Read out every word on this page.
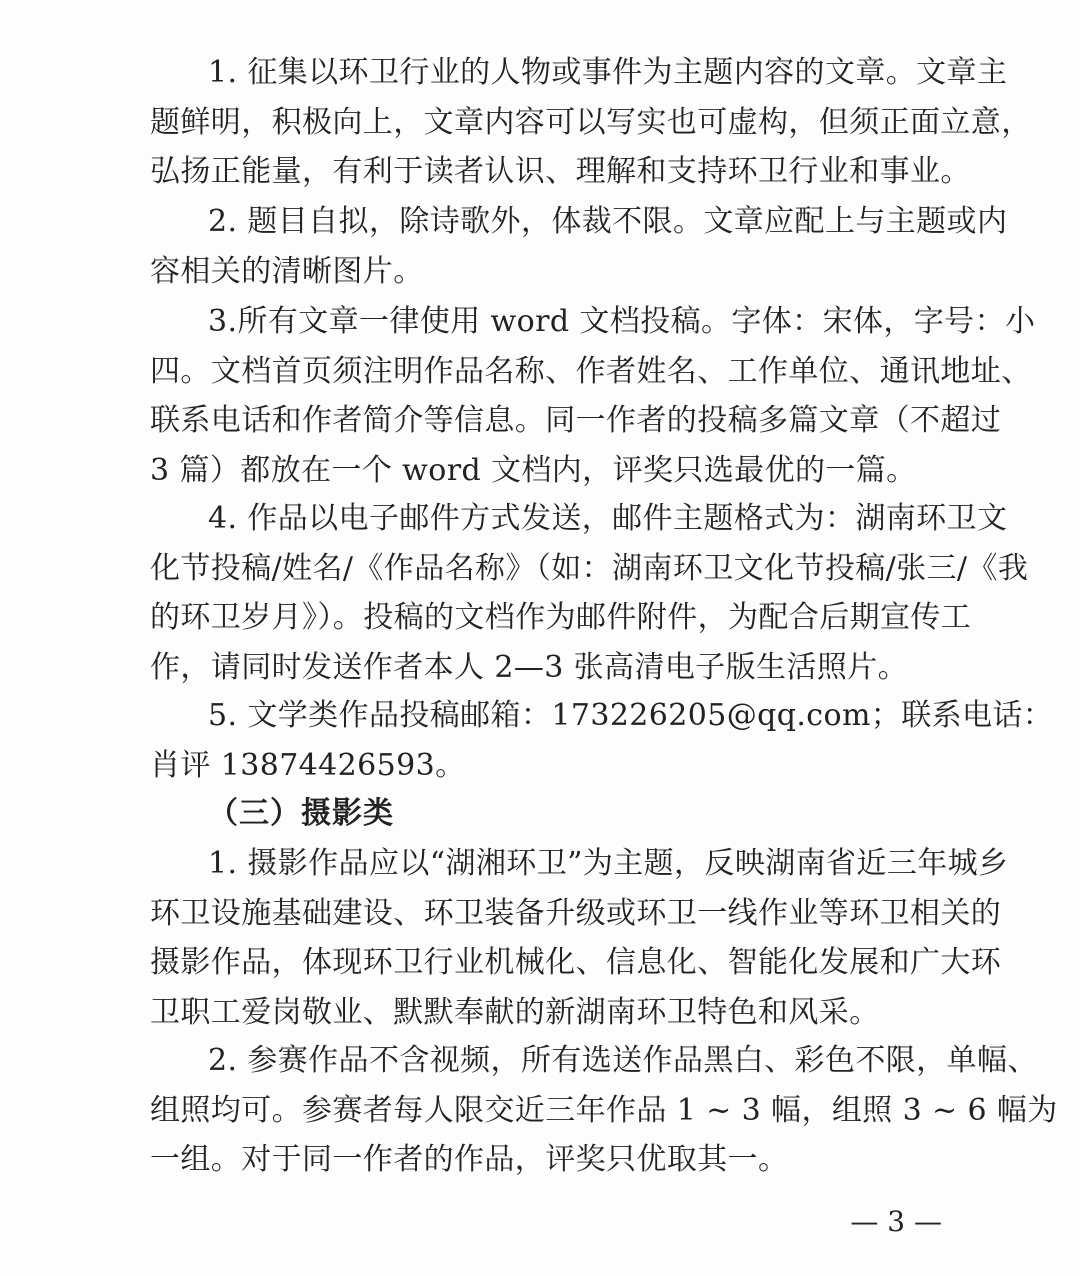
1. 征集以环卫行业的人物或事件为主题内容的文章。文章主
题鲜明，积极向上，文章内容可以写实也可虚构，但须正面立意，
弘扬正能量，有利于读者认识、理解和支持环卫行业和事业。

2. 题目自拟，除诗歌外，体裁不限。文章应配上与主题或内
容相关的清晰图片。

3.所有文章一律使用 word 文档投稿。字体：宋体，字号：小
四。文档首页须注明作品名称、作者姓名、工作单位、通讯地址、
联系电话和作者简介等信息。同一作者的投稿多篇文章（不超过
3 篇）都放在一个 word 文档内，评奖只选最优的一篇。

4. 作品以电子邮件方式发送，邮件主题格式为：湖南环卫文
化节投稿/姓名/《作品名称》（如：湖南环卫文化节投稿/张三/《我
的环卫岁月》）。投稿的文档作为邮件附件，为配合后期宣传工
作，请同时发送作者本人 2—3 张高清电子版生活照片。

5. 文学类作品投稿邮箱：173226205@qq.com；联系电话：
肖评 13874426593。

（三）摄影类

1. 摄影作品应以“湖湘环卫”为主题，反映湖南省近三年城乡
环卫设施基础建设、环卫装备升级或环卫一线作业等环卫相关的
摄影作品，体现环卫行业机械化、信息化、智能化发展和广大环
卫职工爱岗敬业、默默奉献的新湖南环卫特色和风采。

2. 参赛作品不含视频，所有选送作品黑白、彩色不限，单幅、
组照均可。参赛者每人限交近三年作品 1 ~ 3 幅，组照 3 ~ 6 幅为
一组。对于同一作者的作品，评奖只优取其一。

— 3 —
